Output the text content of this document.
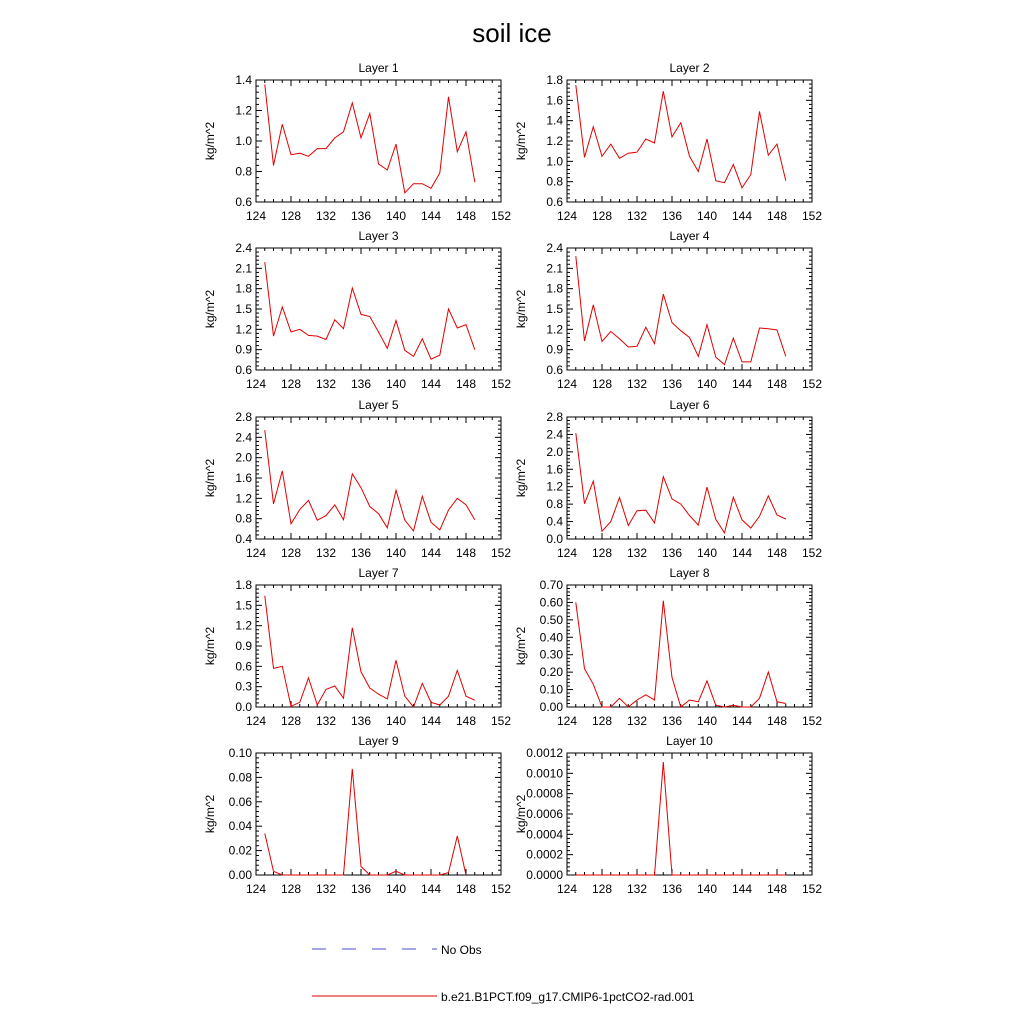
soil ice
Layer 1
124 128 132 136 140 144 148 152
0.6
0.8
1.0
1.2
1.4
kg/m^2
Layer 2
124 128 132 136 140 144 148 152
0.6
0.8
1.0
1.2
1.4
1.6
1.8
kg/m^2
Layer 3
124 128 132 136 140 144 148 152
0.6
0.9
1.2
1.5
1.8
2.1
2.4
kg/m^2
Layer 4
124 128 132 136 140 144 148 152
0.6
0.9
1.2
1.5
1.8
2.1
2.4
kg/m^2
Layer 5
124 128 132 136 140 144 148 152
0.4
0.8
1.2
1.6
2.0
2.4
2.8
kg/m^2
Layer 6
124 128 132 136 140 144 148 152
0.0
0.4
0.8
1.2
1.6
2.0
2.4
2.8
kg/m^2
Layer 7
124 128 132 136 140 144 148 152
0.0
0.3
0.6
0.9
1.2
1.5
1.8
kg/m^2
Layer 8
124 128 132 136 140 144 148 152
0.00
0.10
0.20
0.30
0.40
0.50
0.60
0.70
kg/m^2
Layer 9
124 128 132 136 140 144 148 152
0.00
0.02
0.04
0.06
0.08
0.10
kg/m^2
Layer 10
124 128 132 136 140 144 148 152
0.0000
0.0002
0.0004
0.0006
0.0008
0.0010
0.0012
kg/m^2
No Obs
b.e21.B1PCT.f09_g17.CMIP6-1pctCO2-rad.001
